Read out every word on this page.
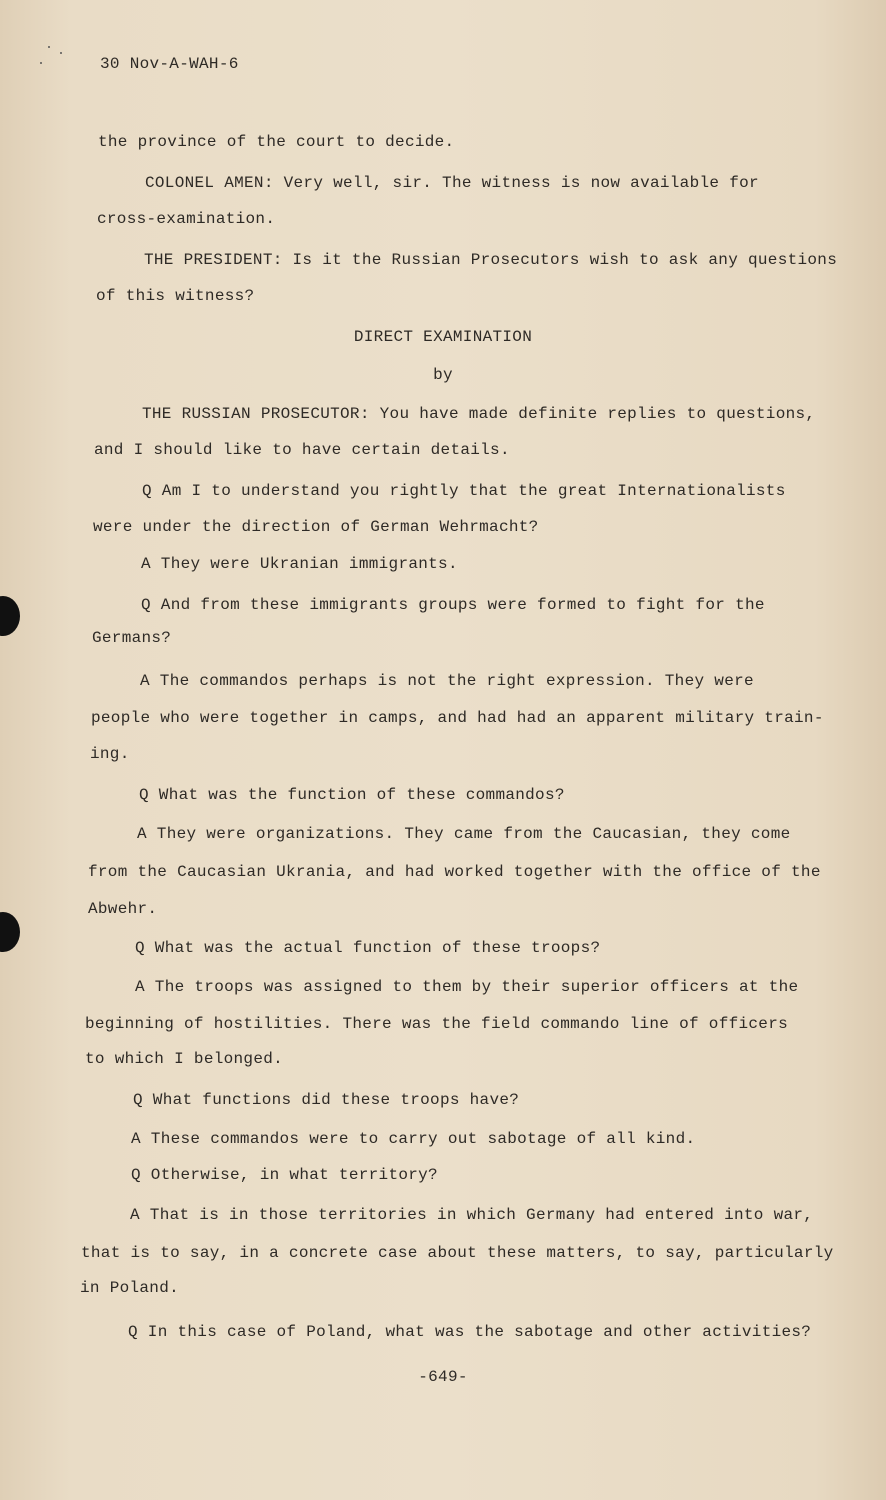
30 Nov-A-WAH-6
the province of the court to decide.
COLONEL AMEN: Very well, sir. The witness is now available for
cross-examination.
THE PRESIDENT: Is it the Russian Prosecutors wish to ask any questions
of this witness?
DIRECT EXAMINATION
by
THE RUSSIAN PROSECUTOR: You have made definite replies to questions,
and I should like to have certain details.
Q Am I to understand you rightly that the great Internationalists
were under the direction of German Wehrmacht?
A They were Ukranian immigrants.
Q And from these immigrants groups were formed to fight for the
Germans?
A The commandos perhaps is not the right expression. They were
people who were together in camps, and had had an apparent military train-
ing.
Q What was the function of these commandos?
A They were organizations. They came from the Caucasian, they come
from the Caucasian Ukrania, and had worked together with the office of the
Abwehr.
Q What was the actual function of these troops?
A The troops was assigned to them by their superior officers at the
beginning of hostilities. There was the field commando line of officers
to which I belonged.
Q What functions did these troops have?
A These commandos were to carry out sabotage of all kind.
Q Otherwise, in what territory?
A That is in those territories in which Germany had entered into war,
that is to say, in a concrete case about these matters, to say, particularly
in Poland.
Q In this case of Poland, what was the sabotage and other activities?
-649-
